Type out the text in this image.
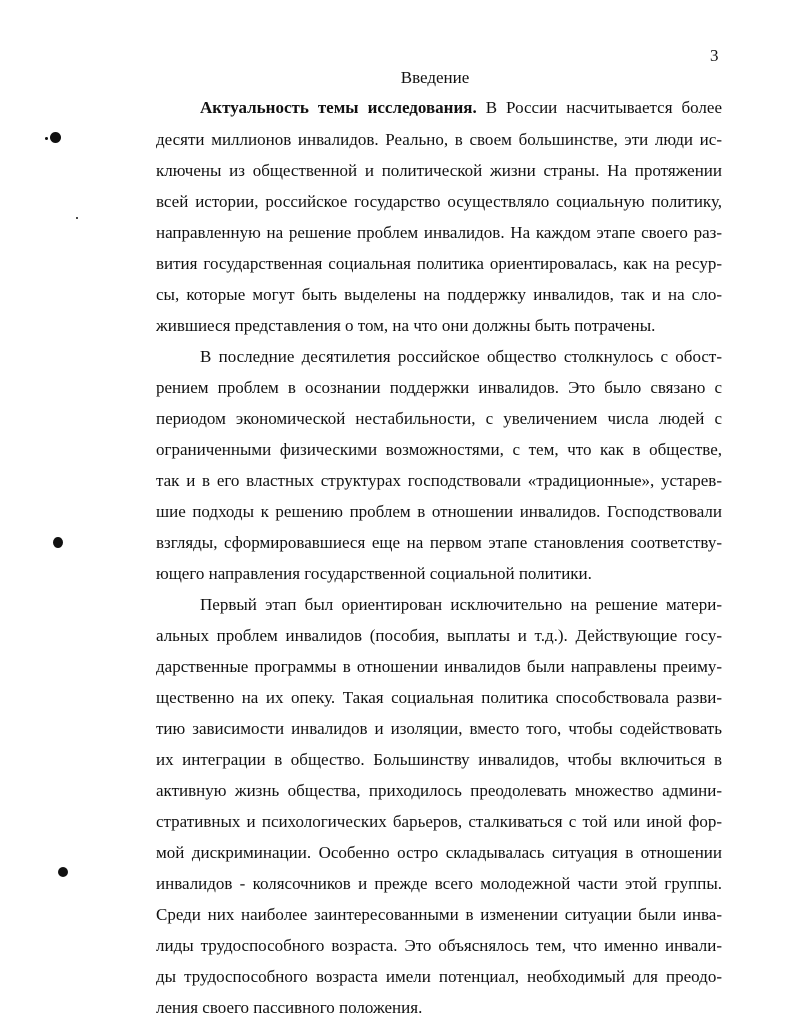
3
Введение
Актуальность темы исследования. В России насчитывается более
десяти миллионов инвалидов. Реально, в своем большинстве, эти люди ис-
ключены из общественной и политической жизни страны. На протяжении
всей истории, российское государство осуществляло социальную политику,
направленную на решение проблем инвалидов. На каждом этапе своего раз-
вития государственная социальная политика ориентировалась, как на ресур-
сы, которые могут быть выделены на поддержку инвалидов, так и на сло-
жившиеся представления о том, на что они должны быть потрачены.
В последние десятилетия российское общество столкнулось с обост-
рением проблем в осознании поддержки инвалидов. Это было связано с
периодом экономической нестабильности, с увеличением числа людей с
ограниченными физическими возможностями, с тем, что как в обществе,
так и в его властных структурах господствовали «традиционные», устарев-
шие подходы к решению проблем в отношении инвалидов. Господствовали
взгляды, сформировавшиеся еще на первом этапе становления соответству-
ющего направления государственной социальной политики.
Первый этап был ориентирован исключительно на решение матери-
альных проблем инвалидов (пособия, выплаты и т.д.). Действующие госу-
дарственные программы в отношении инвалидов были направлены преиму-
щественно на их опеку. Такая социальная политика способствовала разви-
тию зависимости инвалидов и изоляции, вместо того, чтобы содействовать
их интеграции в общество. Большинству инвалидов, чтобы включиться в
активную жизнь общества, приходилось преодолевать множество админи-
стративных и психологических барьеров, сталкиваться с той или иной фор-
мой дискриминации. Особенно остро складывалась ситуация в отношении
инвалидов - колясочников и прежде всего молодежной части этой группы.
Среди них наиболее заинтересованными в изменении ситуации были инва-
лиды трудоспособного возраста. Это объяснялось тем, что именно инвали-
ды трудоспособного возраста имели потенциал, необходимый для преодо-
ления своего пассивного положения.
